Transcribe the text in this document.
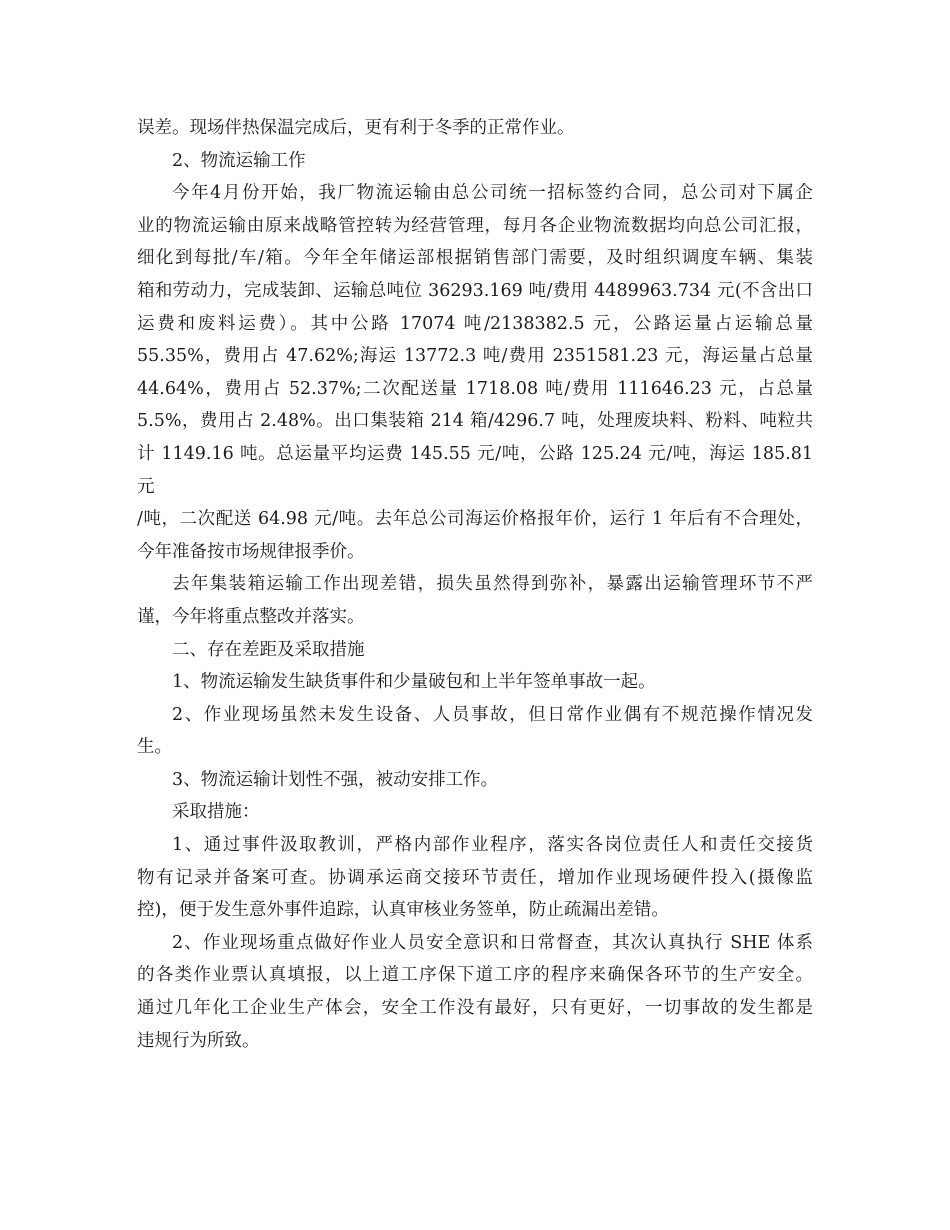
误差。现场伴热保温完成后，更有利于冬季的正常作业。
2、物流运输工作
今年4月份开始，我厂物流运输由总公司统一招标签约合同，总公司对下属企
业的物流运输由原来战略管控转为经营管理，每月各企业物流数据均向总公司汇报，
细化到每批/车/箱。今年全年储运部根据销售部门需要，及时组织调度车辆、集装
箱和劳动力，完成装卸、运输总吨位 36293.169 吨/费用 4489963.734 元(不含出口
运费和废料运费）。其中公路 17074 吨/2138382.5 元，公路运量占运输总量
55.35%，费用占 47.62%;海运 13772.3 吨/费用 2351581.23 元，海运量占总量
44.64%，费用占 52.37%;二次配送量 1718.08 吨/费用 111646.23 元，占总量
5.5%，费用占 2.48%。出口集装箱 214 箱/4296.7 吨，处理废块料、粉料、吨粒共
计 1149.16 吨。总运量平均运费 145.55 元/吨，公路 125.24 元/吨，海运 185.81 元
/吨，二次配送 64.98 元/吨。去年总公司海运价格报年价，运行 1 年后有不合理处，
今年准备按市场规律报季价。
去年集装箱运输工作出现差错，损失虽然得到弥补，暴露出运输管理环节不严
谨，今年将重点整改并落实。
二、存在差距及采取措施
1、物流运输发生缺货事件和少量破包和上半年签单事故一起。
2、作业现场虽然未发生设备、人员事故，但日常作业偶有不规范操作情况发
生。
3、物流运输计划性不强，被动安排工作。
采取措施：
1、通过事件汲取教训，严格内部作业程序，落实各岗位责任人和责任交接货
物有记录并备案可查。协调承运商交接环节责任，增加作业现场硬件投入(摄像监
控)，便于发生意外事件追踪，认真审核业务签单，防止疏漏出差错。
2、作业现场重点做好作业人员安全意识和日常督查，其次认真执行 SHE 体系
的各类作业票认真填报，以上道工序保下道工序的程序来确保各环节的生产安全。
通过几年化工企业生产体会，安全工作没有最好，只有更好，一切事故的发生都是
违规行为所致。
